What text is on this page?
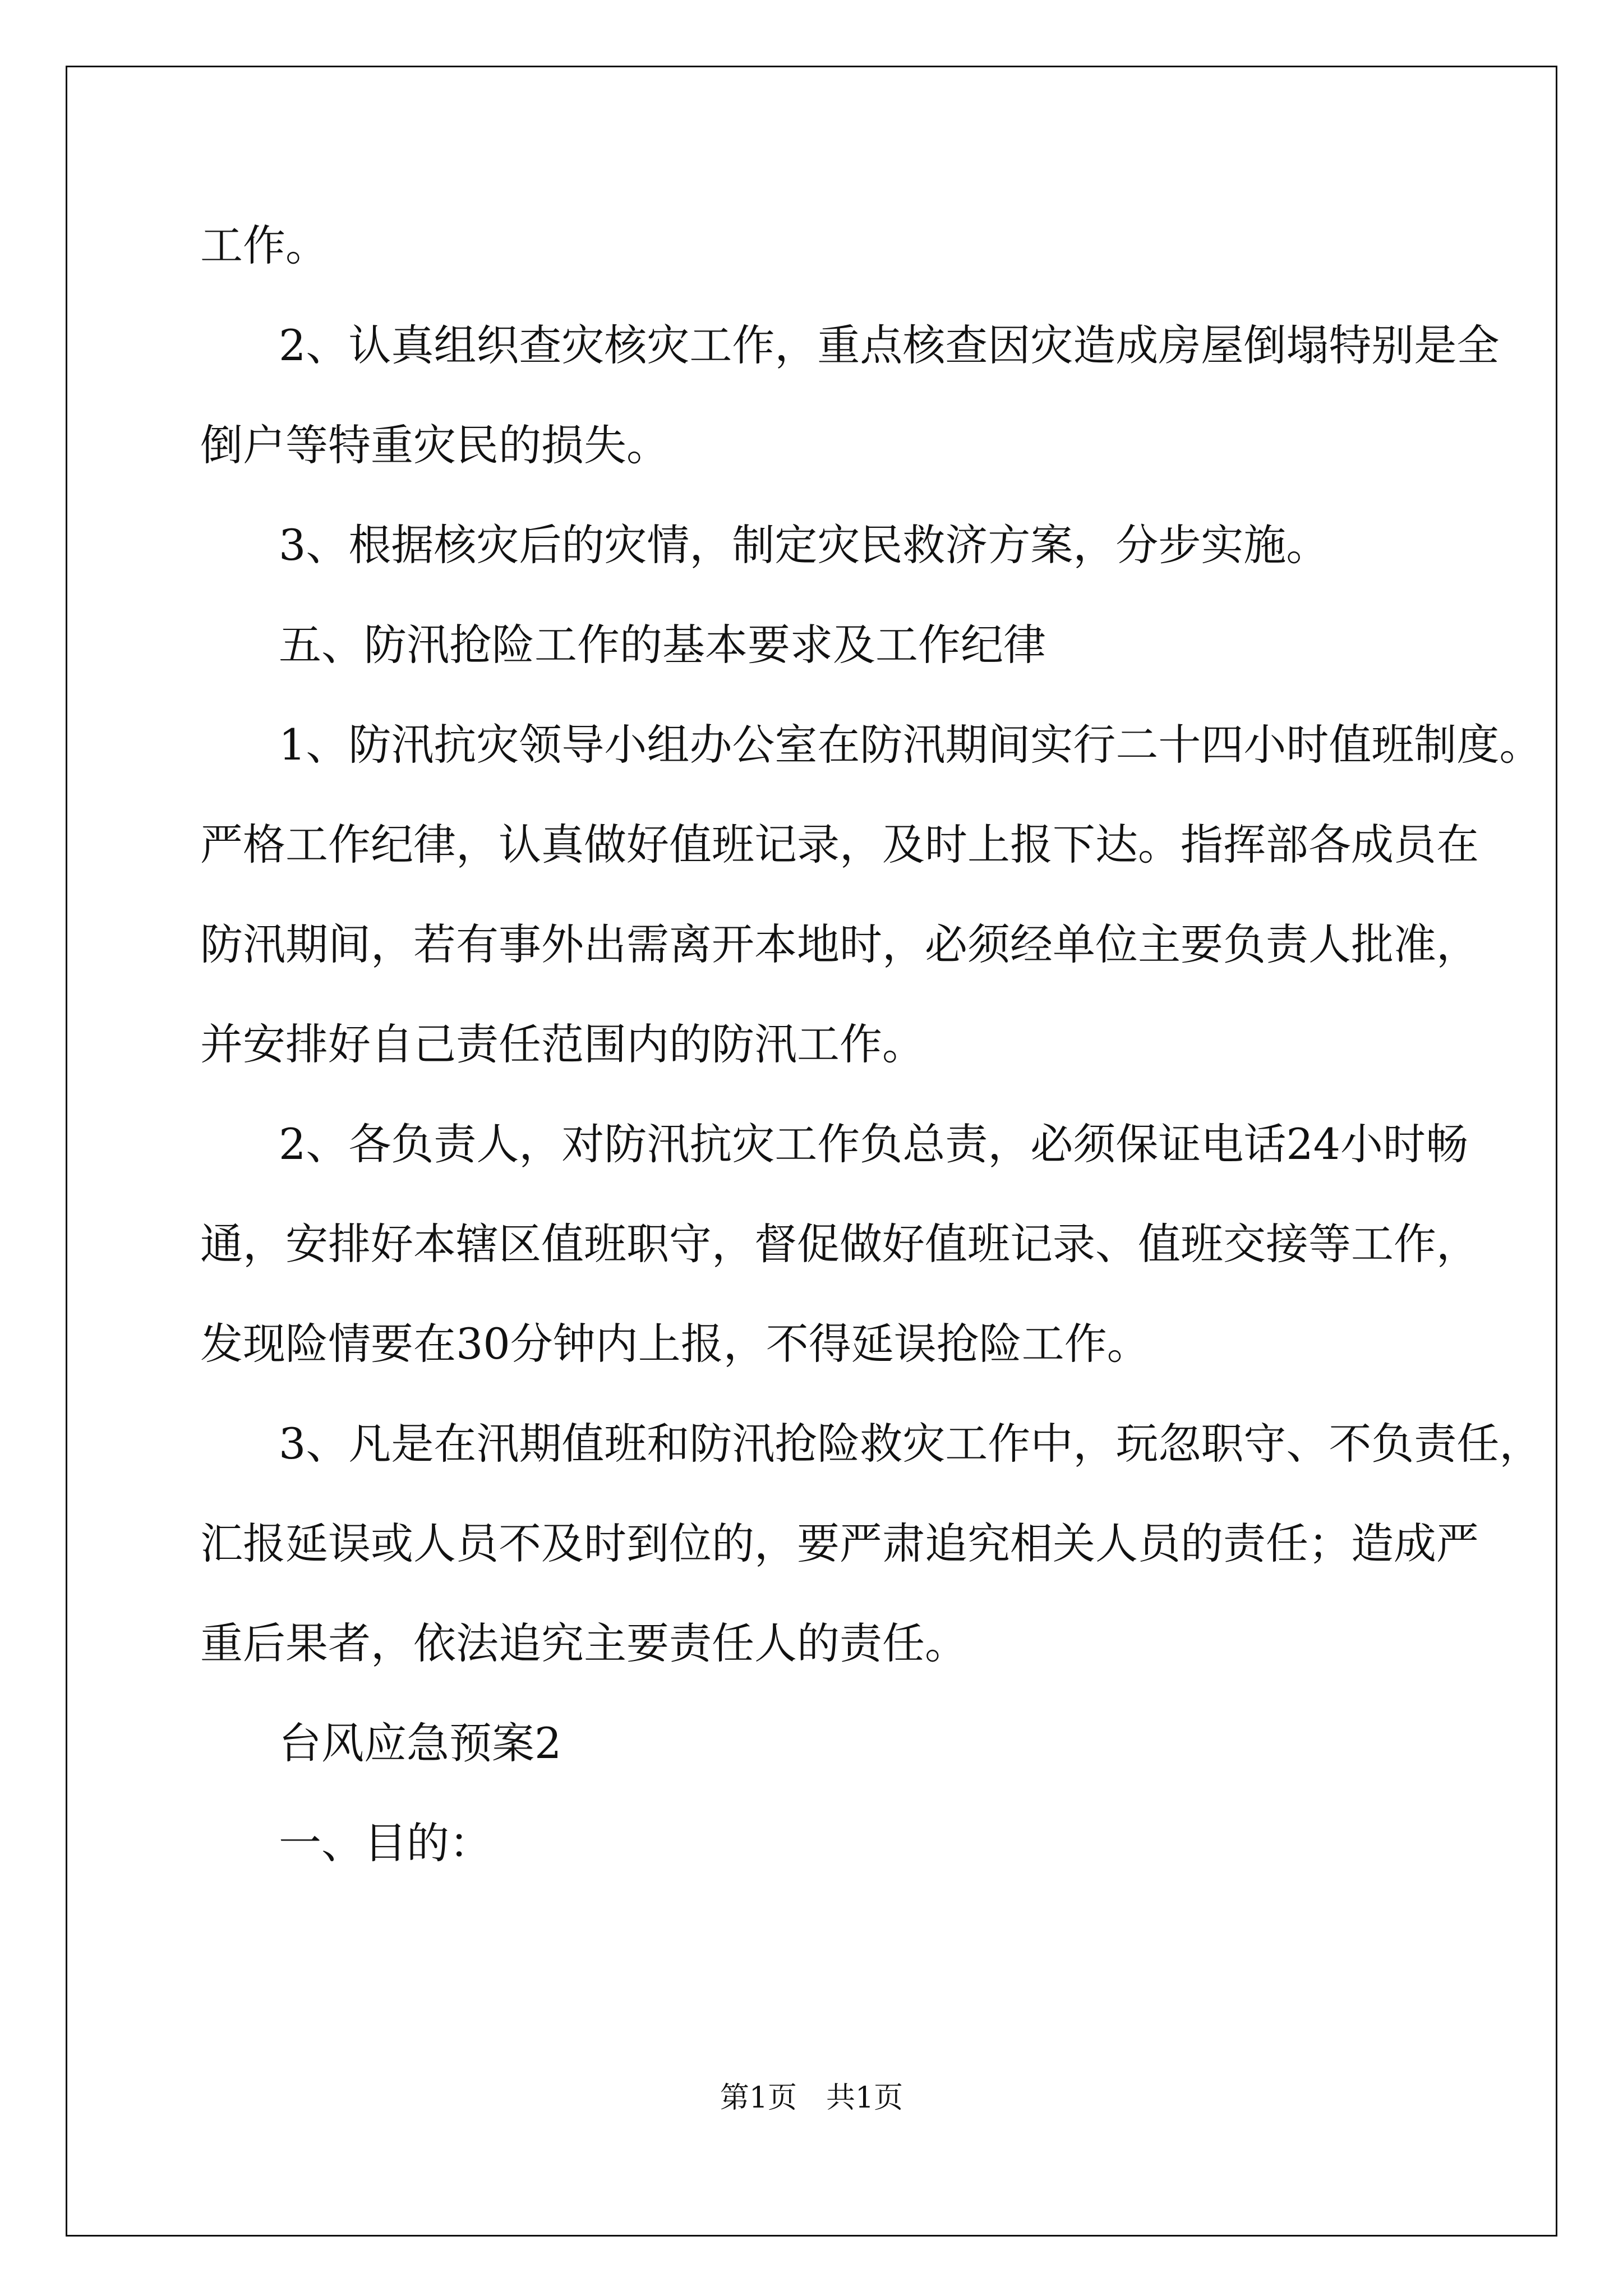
工作。

2、认真组织查灾核灾工作，重点核查因灾造成房屋倒塌特别是全

倒户等特重灾民的损失。

3、根据核灾后的灾情，制定灾民救济方案，分步实施。

五、防汛抢险工作的基本要求及工作纪律

1、防汛抗灾领导小组办公室在防汛期间实行二十四小时值班制度。

严格工作纪律，认真做好值班记录，及时上报下达。指挥部各成员在

防汛期间，若有事外出需离开本地时，必须经单位主要负责人批准，

并安排好自己责任范围内的防汛工作。

2、各负责人，对防汛抗灾工作负总责，必须保证电话24小时畅

通，安排好本辖区值班职守，督促做好值班记录、值班交接等工作，

发现险情要在30分钟内上报，不得延误抢险工作。

3、凡是在汛期值班和防汛抢险救灾工作中，玩忽职守、不负责任，

汇报延误或人员不及时到位的，要严肃追究相关人员的责任；造成严

重后果者，依法追究主要责任人的责任。

台风应急预案2

一、目的：

第1页　共1页
